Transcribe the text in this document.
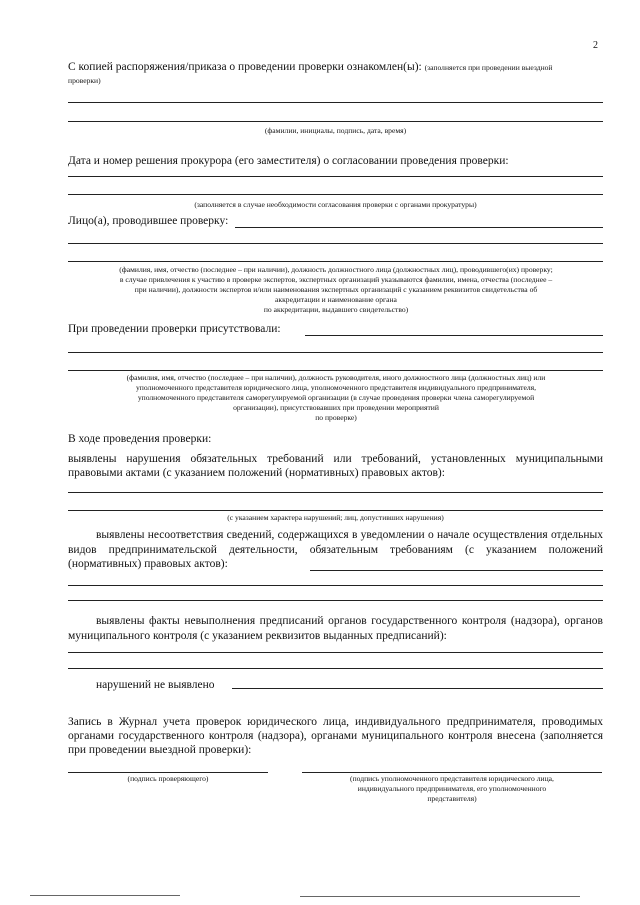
2
С копией распоряжения/приказа о проведении проверки ознакомлен(ы): (заполняется при проведении выездной
проверки)
(фамилии, инициалы, подпись, дата, время)
Дата и номер решения прокурора (его заместителя) о согласовании проведения проверки:
(заполняется в случае необходимости согласования проверки с органами прокуратуры)
Лицо(а), проводившее проверку:
(фамилия, имя, отчество (последнее – при наличии), должность должностного лица (должностных лиц), проводившего(их) проверку;
в случае привлечения к участию в проверке экспертов, экспертных организаций указываются фамилии, имена, отчества (последнее –
при наличии), должности экспертов и/или наименования экспертных организаций с указанием реквизитов свидетельства об
аккредитации и наименование органа
по аккредитации, выдавшего свидетельство)
При проведении проверки присутствовали:
(фамилия, имя, отчество (последнее – при наличии), должность руководителя, иного должностного лица (должностных лиц) или
уполномоченного представителя юридического лица, уполномоченного представителя индивидуального предпринимателя,
уполномоченного представителя саморегулируемой организации (в случае проведения проверки члена саморегулируемой
организации), присутствовавших при проведении мероприятий
по проверке)
В ходе проведения проверки:
выявлены нарушения обязательных требований или требований, установленных муниципальными
правовыми актами (с указанием положений (нормативных) правовых актов):
(с указанием характера нарушений; лиц, допустивших нарушения)
выявлены несоответствия сведений, содержащихся в уведомлении о начале осуществления отдельных
видов предпринимательской деятельности, обязательным требованиям (с указанием положений
(нормативных) правовых актов):
выявлены факты невыполнения предписаний органов государственного контроля (надзора), органов
муниципального контроля (с указанием реквизитов выданных предписаний):
нарушений не выявлено
Запись в Журнал учета проверок юридического лица, индивидуального предпринимателя, проводимых
органами государственного контроля (надзора), органами муниципального контроля внесена (заполняется
при проведении выездной проверки):
(подпись проверяющего)	(подпись уполномоченного представителя юридического лица,
индивидуального предпринимателя, его уполномоченного
представителя)
